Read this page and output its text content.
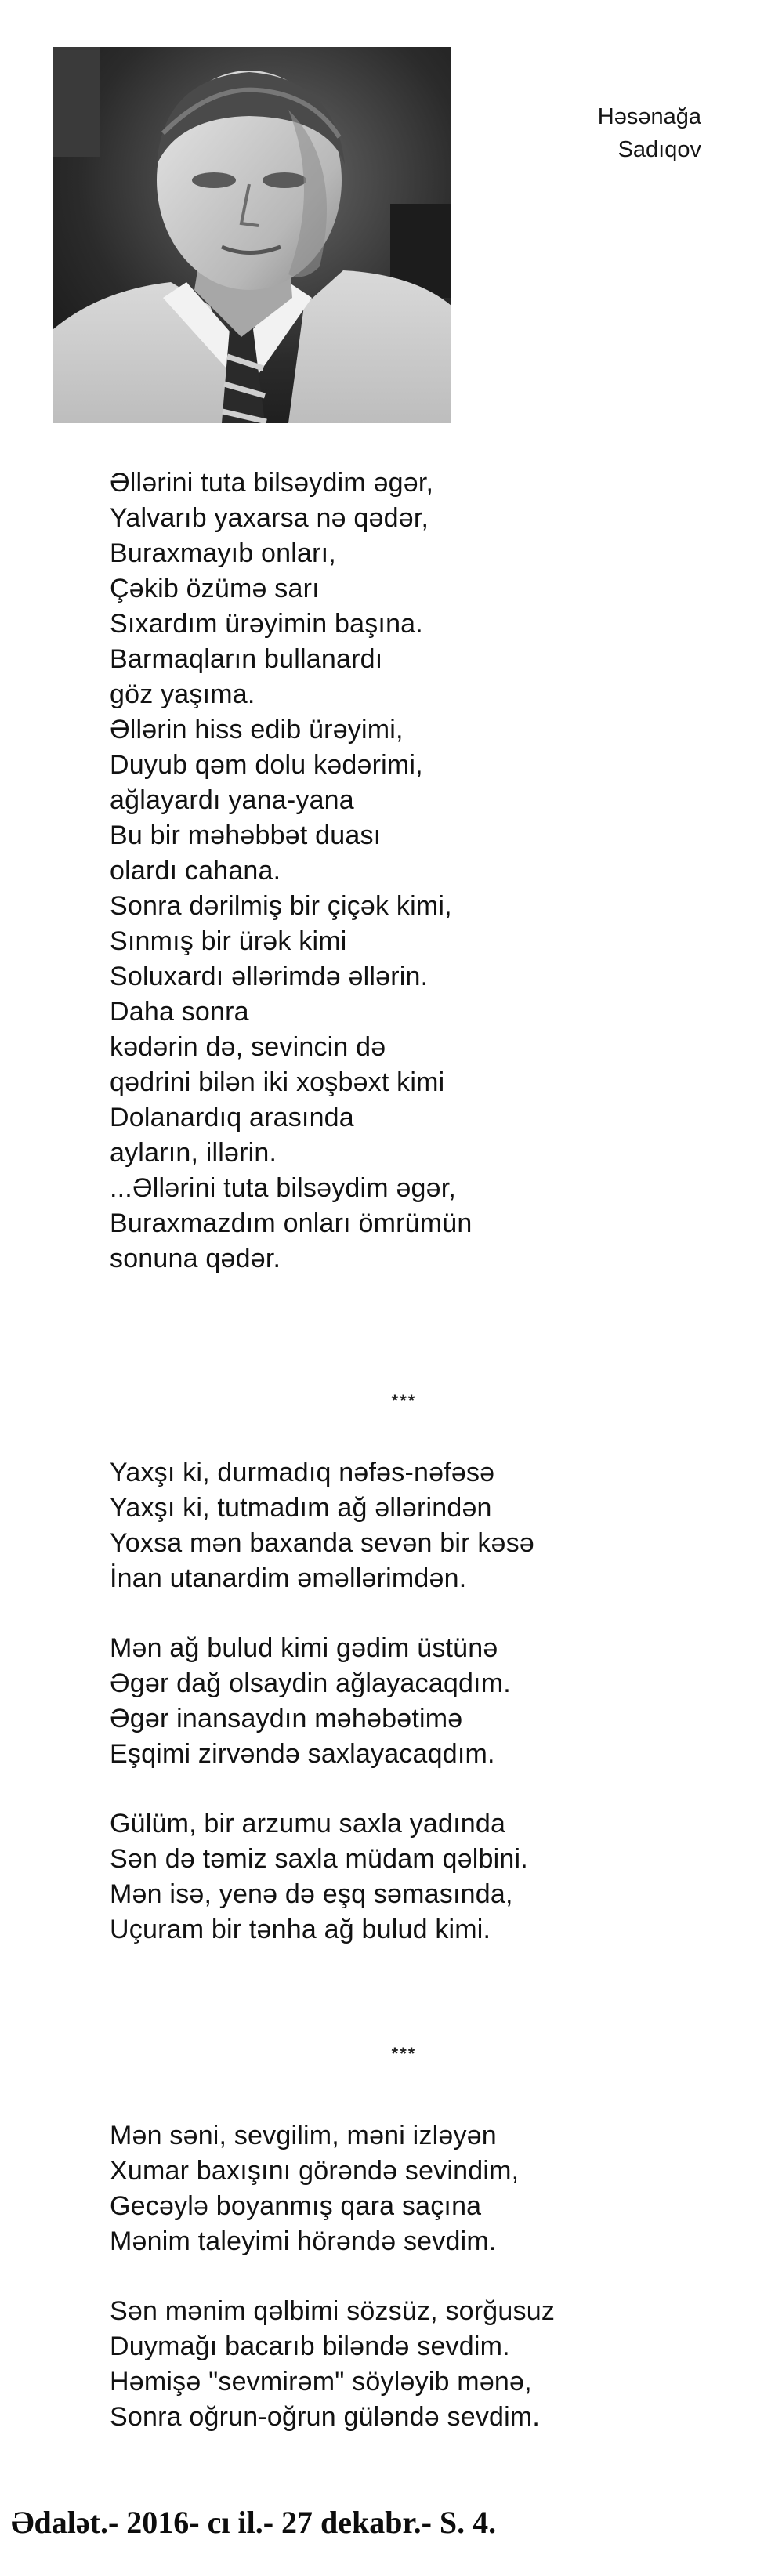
Həsənağa
Sadıqov
Əllərini tuta bilsəydim əgər,
Yalvarıb yaxarsa nə qədər,
Buraxmayıb onları,
Çəkib özümə sarı
Sıxardım ürəyimin başına.
Barmaqların bullanardı
göz yaşıma.
Əllərin hiss edib ürəyimi,
Duyub qəm dolu kədərimi,
ağlayardı yana-yana
Bu bir məhəbbət duası
olardı cahana.
Sonra dərilmiş bir çiçək kimi,
Sınmış bir ürək kimi
Soluxardı əllərimdə əllərin.
Daha sonra
kədərin də, sevincin də
qədrini bilən iki xoşbəxt kimi
Dolanardıq arasında
ayların, illərin.
...Əllərini tuta bilsəydim əgər,
Buraxmazdım onları ömrümün
sonuna qədər.
***
Yaxşı ki, durmadıq nəfəs-nəfəsə
Yaxşı ki, tutmadım ağ əllərindən
Yoxsa mən baxanda sevən bir kəsə
İnan utanardim əməllərimdən.
Mən ağ bulud kimi gədim üstünə
Əgər dağ olsaydin ağlayacaqdım.
Əgər inansaydın məhəbətimə
Eşqimi zirvəndə saxlayacaqdım.
Gülüm, bir arzumu saxla yadında
Sən də təmiz saxla müdam qəlbini.
Mən isə, yenə də eşq səmasında,
Uçuram bir tənha ağ bulud kimi.
***
Mən səni, sevgilim, məni izləyən
Xumar baxışını görəndə sevindim,
Gecəylə boyanmış qara saçına
Mənim taleyimi hörəndə sevdim.
Sən mənim qəlbimi sözsüz, sorğusuz
Duymağı bacarıb biləndə sevdim.
Həmişə "sevmirəm" söyləyib mənə,
Sonra oğrun-oğrun güləndə sevdim.
Ədalət.- 2016- cı il.- 27 dekabr.- S. 4.
